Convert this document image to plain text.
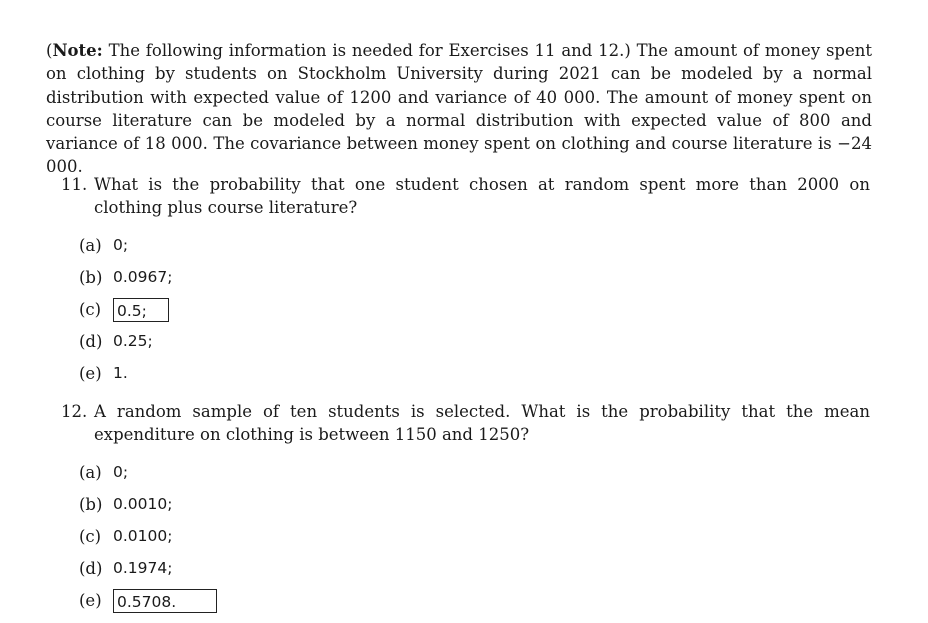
(Note: The following information is needed for Exercises 11 and 12.) The amount of money spent on clothing by students on Stockholm University during 2021 can be modeled by a normal distribution with expected value of 1200 and variance of 40 000. The amount of money spent on course literature can be modeled by a normal distribution with expected value of 800 and variance of 18 000. The covariance between money spent on clothing and course literature is −24 000.

11. What is the probability that one student chosen at random spent more than 2000 on clothing plus course literature?
(a) 0;
(b) 0.0967;
(c)	0.5;
(d) 0.25;
(e) 1.
12. A random sample of ten students is selected. What is the probability that the mean expenditure on clothing is between 1150 and 1250?
(a) 0;
(b) 0.0010;
(c) 0.0100;
(d) 0.1974;
(e) 0.5708.
